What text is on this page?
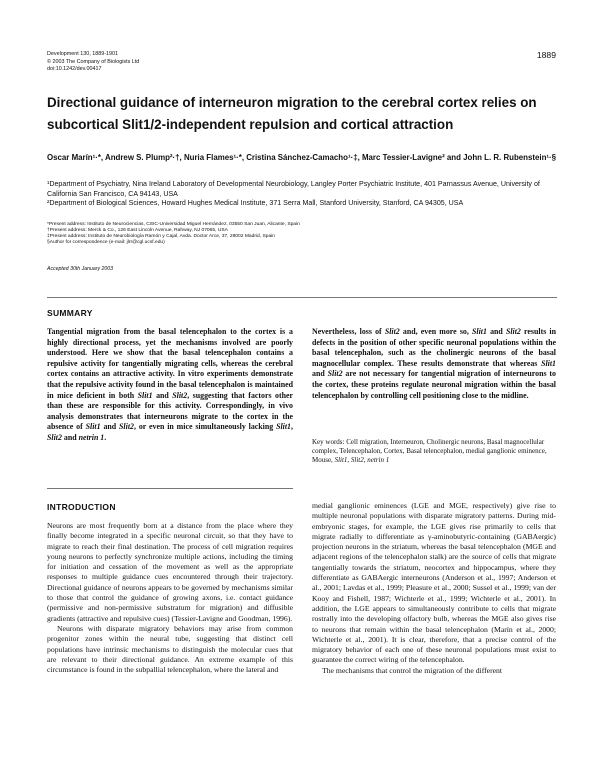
Development 130, 1889-1901
© 2003 The Company of Biologists Ltd
doi:10.1242/dev.00417
1889
Directional guidance of interneuron migration to the cerebral cortex relies on subcortical Slit1/2-independent repulsion and cortical attraction
Oscar Marín¹·*, Andrew S. Plump²·†, Nuria Flames¹·*, Cristina Sánchez-Camacho¹·‡, Marc Tessier-Lavigne² and John L. R. Rubenstein¹·§
¹Department of Psychiatry, Nina Ireland Laboratory of Developmental Neurobiology, Langley Porter Psychiatric Institute, 401 Parnassus Avenue, University of California San Francisco, CA 94143, USA
²Department of Biological Sciences, Howard Hughes Medical Institute, 371 Serra Mall, Stanford University, Stanford, CA 94305, USA
*Present address: Instituto de Neurociencias, CSIC-Universidad Miguel Hernández, 03550 San Juan, Alicante, Spain
†Present address: Merck & Co., 126 East Lincoln Avenue, Rahway, NJ 07065, USA
‡Present address: Instituto de Neurobiología Ramón y Cajal, Avda. Doctor Arce, 37, 28002 Madrid, Spain
§Author for correspondence (e-mail: jlrr@cgl.ucsf.edu)
Accepted 30th January 2003
SUMMARY
Tangential migration from the basal telencephalon to the cortex is a highly directional process, yet the mechanisms involved are poorly understood. Here we show that the basal telencephalon contains a repulsive activity for tangentially migrating cells, whereas the cerebral cortex contains an attractive activity. In vitro experiments demonstrate that the repulsive activity found in the basal telencephalon is maintained in mice deficient in both Slit1 and Slit2, suggesting that factors other than these are responsible for this activity. Correspondingly, in vivo analysis demonstrates that interneurons migrate to the cortex in the absence of Slit1 and Slit2, or even in mice simultaneously lacking Slit1, Slit2 and netrin 1.
Nevertheless, loss of Slit2 and, even more so, Slit1 and Slit2 results in defects in the position of other specific neuronal populations within the basal telencephalon, such as the cholinergic neurons of the basal magnocellular complex. These results demonstrate that whereas Slit1 and Slit2 are not necessary for tangential migration of interneurons to the cortex, these proteins regulate neuronal migration within the basal telencephalon by controlling cell positioning close to the midline.
Key words: Cell migration, Interneuron, Cholinergic neurons, Basal magnocellular complex, Telencephalon, Cortex, Basal telencephalon, medial ganglionic eminence, Mouse, Slit1, Slit2, netrin 1
INTRODUCTION

Neurons are most frequently born at a distance from the place where they finally become integrated in a specific neuronal circuit, so that they have to migrate to reach their final destination. The process of cell migration requires young neurons to perfectly synchronize multiple actions, including the timing for initiation and cessation of the movement as well as the appropriate responses to multiple guidance cues encountered through their trajectory. Directional guidance of neurons appears to be governed by mechanisms similar to those that control the guidance of growing axons, i.e. contact guidance (permissive and non-permissive substratum for migration) and diffusible gradients (attractive and repulsive cues) (Tessier-Lavigne and Goodman, 1996).

Neurons with disparate migratory behaviors may arise from common progenitor zones within the neural tube, suggesting that distinct cell populations have intrinsic mechanisms to distinguish the molecular cues that are relevant to their directional guidance. An extreme example of this circumstance is found in the subpallial telencephalon, where the lateral and

medial ganglionic eminences (LGE and MGE, respectively) give rise to multiple neuronal populations with disparate migratory patterns. During mid-embryonic stages, for example, the LGE gives rise primarily to cells that migrate radially to differentiate as γ-aminobutyric-containing (GABAergic) projection neurons in the striatum, whereas the basal telencephalon (MGE and adjacent regions of the telencephalon stalk) are the source of cells that migrate tangentially towards the striatum, neocortex and hippocampus, where they differentiate as GABAergic interneurons (Anderson et al., 1997; Anderson et al., 2001; Lavdas et al., 1999; Pleasure et al., 2000; Sussel et al., 1999; van der Kooy and Fishell, 1987; Wichterle et al., 1999; Wichterle et al., 2001). In addition, the LGE appears to simultaneously contribute to cells that migrate rostrally into the developing olfactory bulb, whereas the MGE also gives rise to neurons that remain within the basal telencephalon (Marín et al., 2000; Wichterle et al., 2001). It is clear, therefore, that a precise control of the migratory behavior of each one of these neuronal populations must exist to guarantee the correct wiring of the telencephalon.

The mechanisms that control the migration of the different
